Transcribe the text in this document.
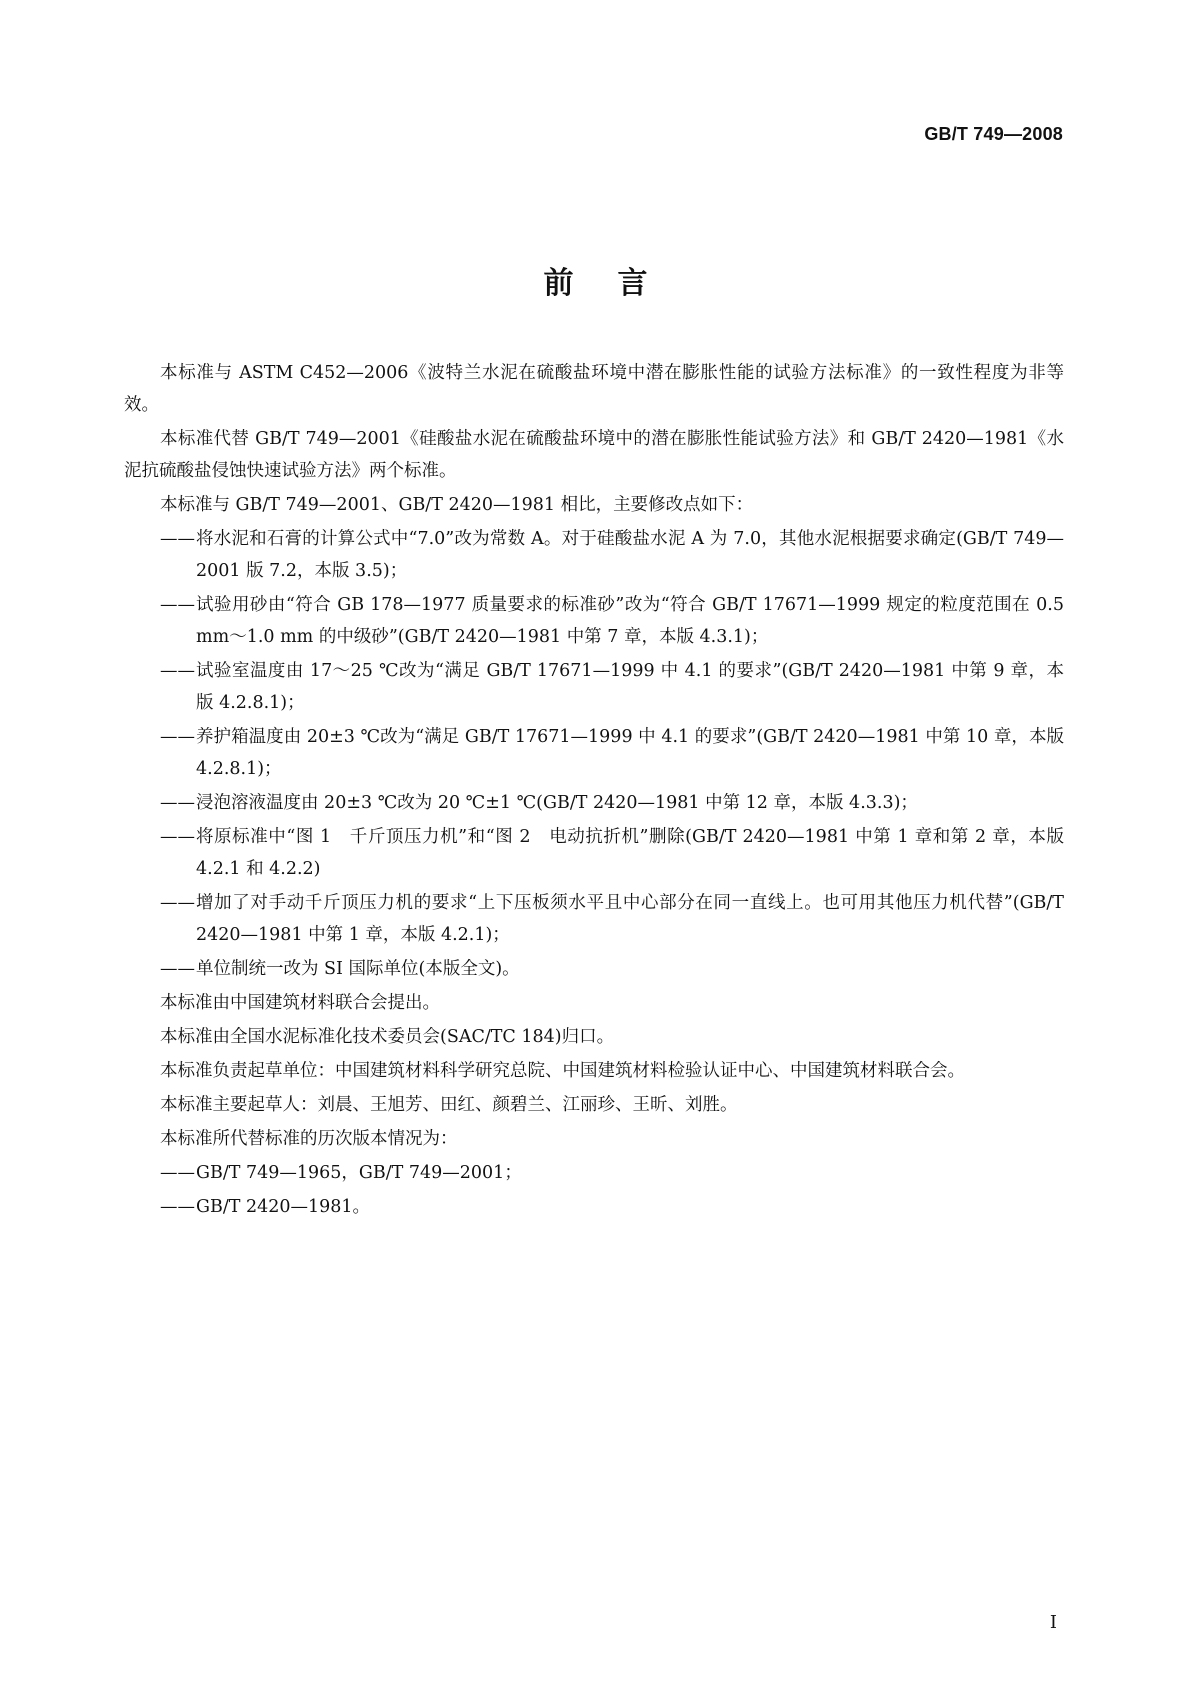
GB/T 749—2008

前言

本标准与 ASTM C452—2006《波特兰水泥在硫酸盐环境中潜在膨胀性能的试验方法标准》的一致性程度为非等效。

本标准代替 GB/T 749—2001《硅酸盐水泥在硫酸盐环境中的潜在膨胀性能试验方法》和 GB/T 2420—1981《水泥抗硫酸盐侵蚀快速试验方法》两个标准。

本标准与 GB/T 749—2001、GB/T 2420—1981 相比，主要修改点如下：

—— 将水泥和石膏的计算公式中“7.0”改为常数 A。对于硅酸盐水泥 A 为 7.0，其他水泥根据要求确定(GB/T 749—2001 版 7.2，本版 3.5)；
—— 试验用砂由“符合 GB 178—1977 质量要求的标准砂”改为“符合 GB/T 17671—1999 规定的粒度范围在 0.5 mm～1.0 mm 的中级砂”(GB/T 2420—1981 中第 7 章，本版 4.3.1)；
—— 试验室温度由 17～25 ℃改为“满足 GB/T 17671—1999 中 4.1 的要求”(GB/T 2420—1981 中第 9 章，本版 4.2.8.1)；
—— 养护箱温度由 20±3 ℃改为“满足 GB/T 17671—1999 中 4.1 的要求”(GB/T 2420—1981 中第 10 章，本版 4.2.8.1)；
—— 浸泡溶液温度由 20±3 ℃改为 20 ℃±1 ℃(GB/T 2420—1981 中第 12 章，本版 4.3.3)；
—— 将原标准中“图 1　千斤顶压力机”和“图 2　电动抗折机”删除(GB/T 2420—1981 中第 1 章和第 2 章，本版 4.2.1 和 4.2.2)
—— 增加了对手动千斤顶压力机的要求“上下压板须水平且中心部分在同一直线上。也可用其他压力机代替”(GB/T 2420—1981 中第 1 章，本版 4.2.1)；
—— 单位制统一改为 SI 国际单位(本版全文)。

本标准由中国建筑材料联合会提出。

本标准由全国水泥标准化技术委员会(SAC/TC 184)归口。

本标准负责起草单位：中国建筑材料科学研究总院、中国建筑材料检验认证中心、中国建筑材料联合会。

本标准主要起草人：刘晨、王旭芳、田红、颜碧兰、江丽珍、王昕、刘胜。

本标准所代替标准的历次版本情况为：

—— GB/T 749—1965，GB/T 749—2001；
—— GB/T 2420—1981。

I
